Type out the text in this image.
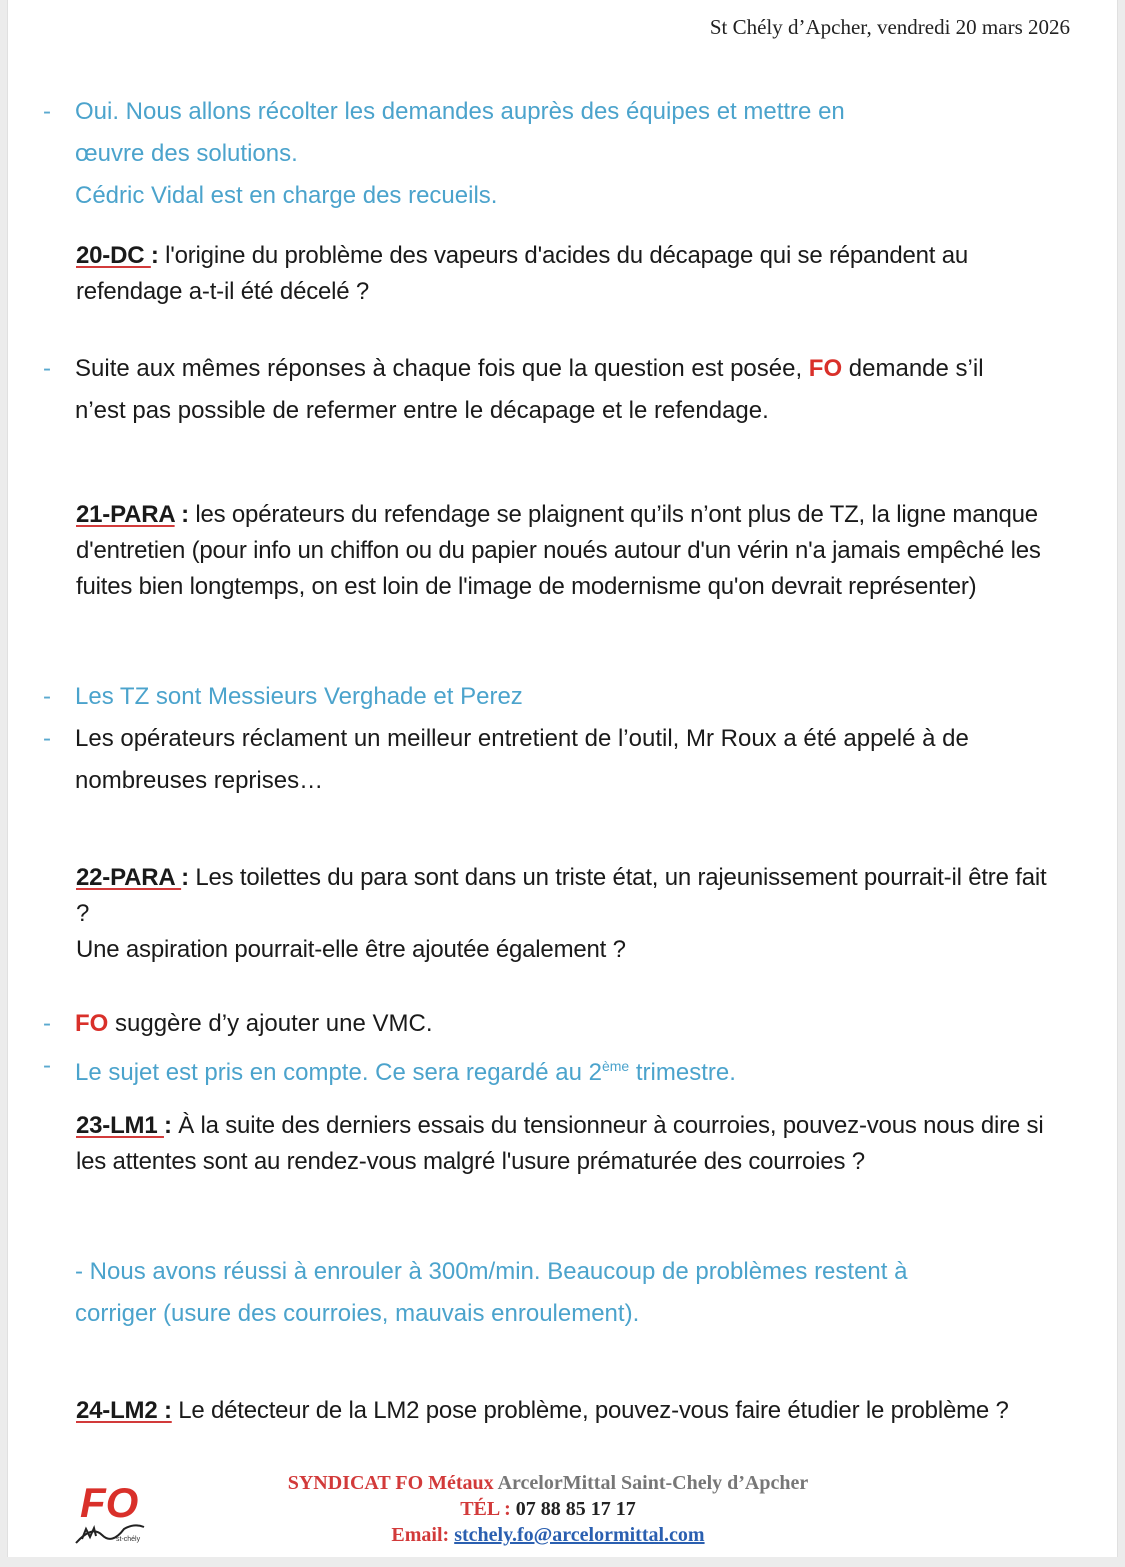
St Chély d’Apcher, vendredi 20 mars 2026
- Oui. Nous allons récolter les demandes auprès des équipes et mettre en
œuvre des solutions.
Cédric Vidal est en charge des recueils.
20-DC : l'origine du problème des vapeurs d'acides du décapage qui se répandent au refendage a-t-il été décelé ?
- Suite aux mêmes réponses à chaque fois que la question est posée, FO demande s’il n’est pas possible de refermer entre le décapage et le refendage.
21-PARA : les opérateurs du refendage se plaignent qu’ils n’ont plus de TZ, la ligne manque d'entretien (pour info un chiffon ou du papier noués autour d'un vérin n'a jamais empêché les fuites bien longtemps, on est loin de l'image de modernisme qu'on devrait représenter)
- Les TZ sont Messieurs Verghade et Perez
- Les opérateurs réclament un meilleur entretient de l’outil, Mr Roux a été appelé à de nombreuses reprises…
22-PARA : Les toilettes du para sont dans un triste état, un rajeunissement pourrait-il être fait ?
Une aspiration pourrait-elle être ajoutée également ?
- FO suggère d’y ajouter une VMC.
- Le sujet est pris en compte. Ce sera regardé au 2ème trimestre.
23-LM1 : À la suite des derniers essais du tensionneur à courroies, pouvez-vous nous dire si les attentes sont au rendez-vous malgré l'usure prématurée des courroies ?
- Nous avons réussi à enrouler à 300m/min. Beaucoup de problèmes restent à corriger (usure des courroies, mauvais enroulement).
24-LM2 : Le détecteur de la LM2 pose problème, pouvez-vous faire étudier le problème ?
FO
st-chély
SYNDICAT FO Métaux ArcelorMittal Saint-Chely d’Apcher
TÉL : 07 88 85 17 17
Email: stchely.fo@arcelormittal.com
